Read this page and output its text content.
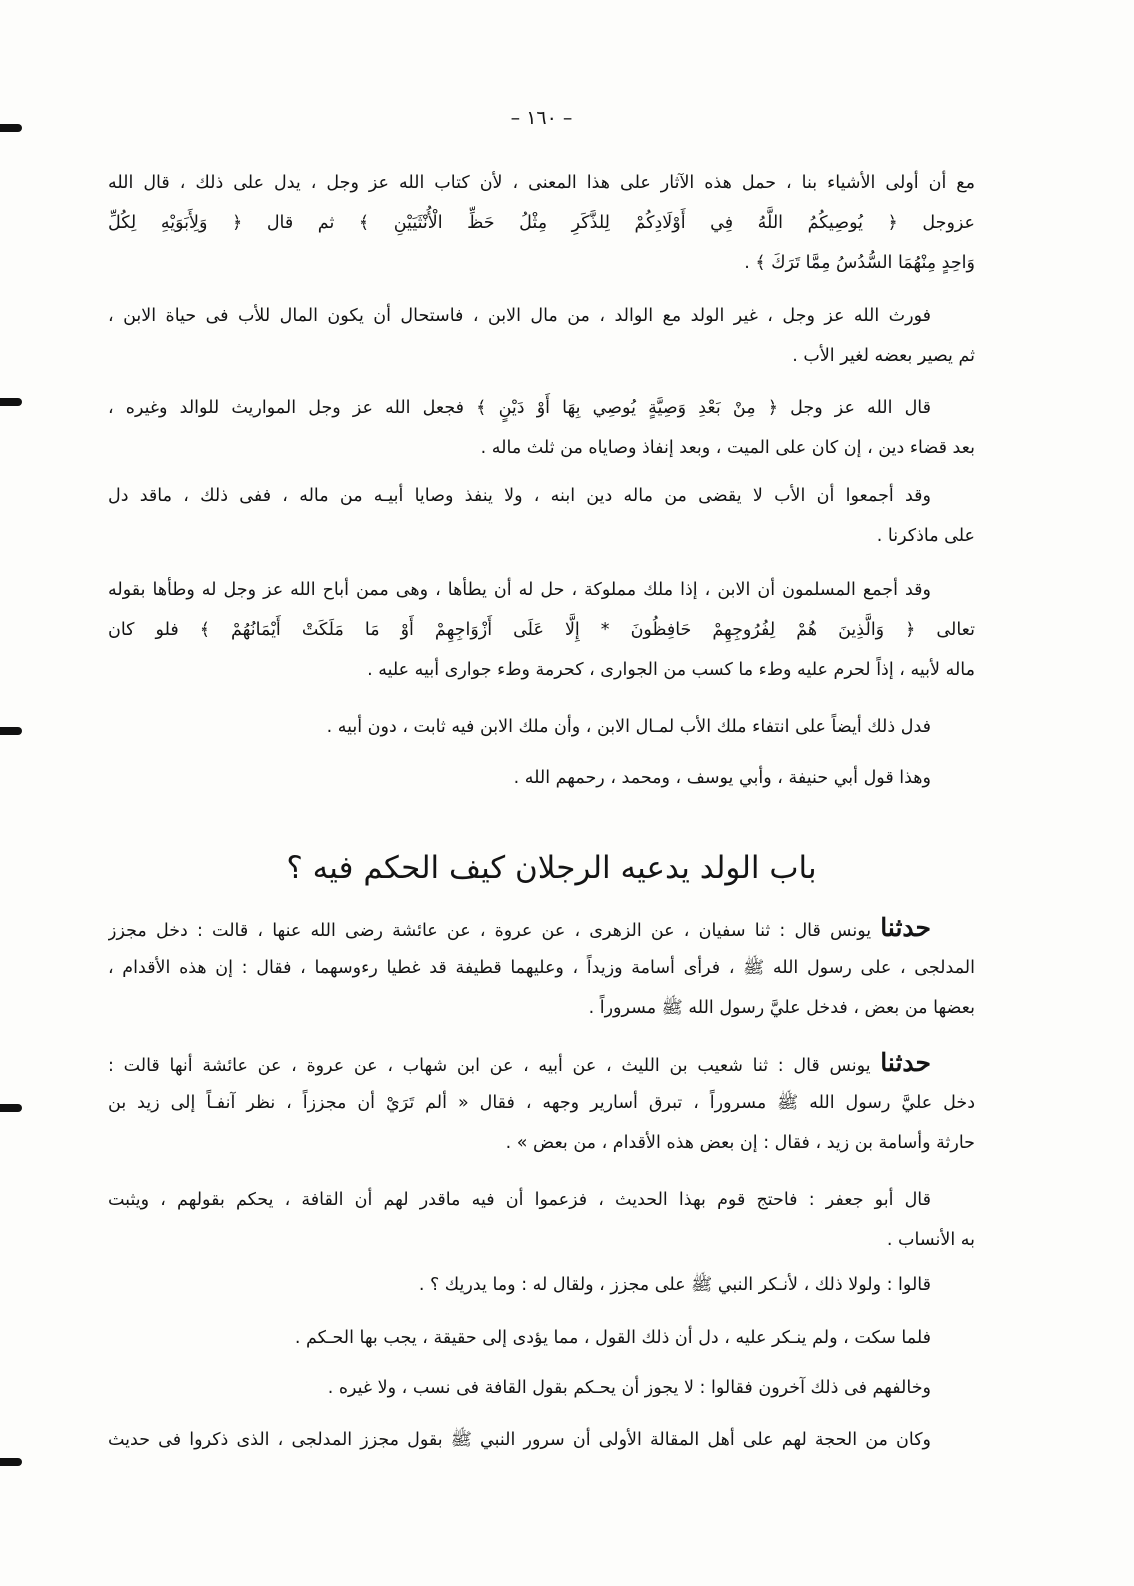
– ١٦٠ –
مع أن أولى الأشياء بنا ، حمل هذه الآثار على هذا المعنى ، لأن كتاب الله عز وجل ، يدل على ذلك ، قال الله
عزوجل ﴿ يُوصِيكُمُ اللَّهُ فِي أَوْلَادِكُمْ لِلذَّكَرِ مِثْلُ حَظِّ الْأُنْثَيَيْنِ ﴾ ثم قال ﴿ وَلِأَبَوَيْهِ لِكُلِّ
وَاحِدٍ مِنْهُمَا السُّدُسُ مِمَّا تَرَكَ ﴾ .
فورث الله عز وجل ، غير الولد مع الوالد ، من مال الابن ، فاستحال أن يكون المال للأب فى حياة الابن ،
ثم يصير بعضه لغير الأب .
قال الله عز وجل ﴿ مِنْ بَعْدِ وَصِيَّةٍ يُوصِي بِهَا أَوْ دَيْنٍ ﴾ فجعل الله عز وجل المواريث للوالد وغيره ،
بعد قضاء دين ، إن كان على الميت ، وبعد إنفاذ وصاياه من ثلث ماله .
وقد أجمعوا أن الأب لا يقضى من ماله دين ابنه ، ولا ينفذ وصايا أبيـه من ماله ، ففى ذلك ، ماقد دل
على ماذكرنا .
وقد أجمع المسلمون أن الابن ، إذا ملك مملوكة ، حل له أن يطأها ، وهى ممن أباح الله عز وجل له وطأها بقوله
تعالى ﴿ وَالَّذِينَ هُمْ لِفُرُوجِهِمْ حَافِظُونَ * إِلَّا عَلَى أَزْوَاجِهِمْ أَوْ مَا مَلَكَتْ أَيْمَانُهُمْ ﴾ فلو كان
ماله لأبيه ، إذاً لحرم عليه وطء ما كسب من الجوارى ، كحرمة وطء جوارى أبيه عليه .
فدل ذلك أيضاً على انتفاء ملك الأب لمـال الابن ، وأن ملك الابن فيه ثابت ، دون أبيه .
وهذا قول أبي حنيفة ، وأبي يوسف ، ومحمد ، رحمهم الله .
باب الولد يدعيه الرجلان كيف الحكم فيه ؟
حدثنا يونس قال : ثنا سفيان ، عن الزهرى ، عن عروة ، عن عائشة رضى الله عنها ، قالت : دخل مجزز
المدلجى ، على رسول الله ﷺ ، فرأى أسامة وزيداً ، وعليهما قطيفة قد غطيا رءوسهما ، فقال : إن هذه الأقدام ،
بعضها من بعض ، فدخل عليَّ رسول الله ﷺ مسروراً .
حدثنا يونس قال : ثنا شعيب بن الليث ، عن أبيه ، عن ابن شهاب ، عن عروة ، عن عائشة أنها قالت :
دخل عليَّ رسول الله ﷺ مسروراً ، تبرق أسارير وجهه ، فقال « ألم تَرَيْ أن مجززاً ، نظر آنفـاً إلى زيد بن
حارثة وأسامة بن زيد ، فقال : إن بعض هذه الأقدام ، من بعض » .
قال أبو جعفر : فاحتج قوم بهذا الحديث ، فزعموا أن فيه ماقدر لهم أن القافة ، يحكم بقولهم ، ويثبت
به الأنساب .
قالوا : ولولا ذلك ، لأنـكر النبي ﷺ على مجزز ، ولقال له : وما يدريك ؟ .
فلما سكت ، ولم ينـكر عليه ، دل أن ذلك القول ، مما يؤدى إلى حقيقة ، يجب بها الحـكم .
وخالفهم فى ذلك آخرون فقالوا : لا يجوز أن يحـكم بقول القافة فى نسب ، ولا غيره .
وكان من الحجة لهم على أهل المقالة الأولى أن سرور النبي ﷺ بقول مجزز المدلجى ، الذى ذكروا فى حديث
